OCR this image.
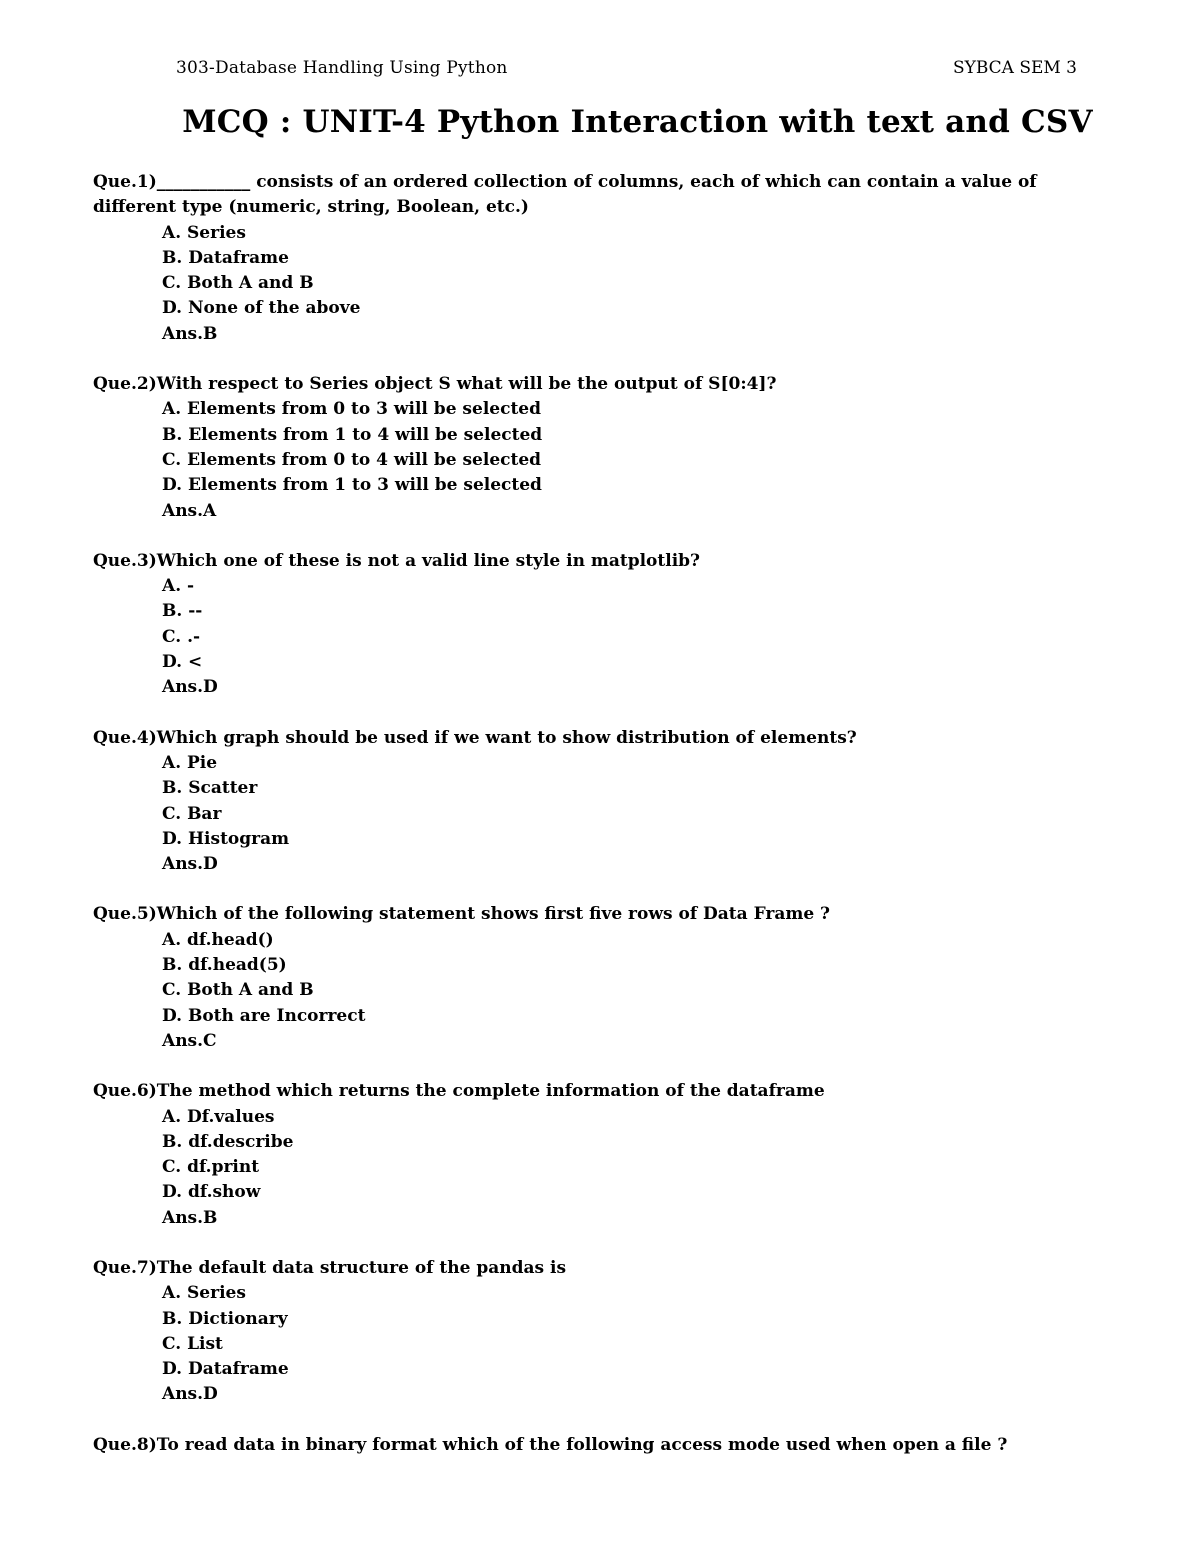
303-Database Handling Using Python	SYBCA SEM 3
MCQ : UNIT-4 Python Interaction with text and CSV
Que.1)___________ consists of an ordered collection of columns, each of which can contain a value of different type (numeric, string, Boolean, etc.)
A. Series
B. Dataframe
C. Both A and B
D. None of the above
Ans.B
Que.2)With respect to Series object S what will be the output of S[0:4]?
A. Elements from 0 to 3 will be selected
B. Elements from 1 to 4 will be selected
C. Elements from 0 to 4 will be selected
D. Elements from 1 to 3 will be selected
Ans.A
Que.3)Which one of these is not a valid line style in matplotlib?
A. -
B. --
C. .-
D. <
Ans.D
Que.4)Which graph should be used if we want to show distribution of elements?
A. Pie
B. Scatter
C. Bar
D. Histogram
Ans.D
Que.5)Which of the following statement shows first five rows of Data Frame ?
A. df.head()
B. df.head(5)
C. Both A and B
D. Both are Incorrect
Ans.C
Que.6)The method which returns the complete information of the dataframe
A. Df.values
B. df.describe
C. df.print
D. df.show
Ans.B
Que.7)The default data structure of the pandas is
A. Series
B. Dictionary
C. List
D. Dataframe
Ans.D
Que.8)To read data in binary format which of the following access mode used when open a file ?
